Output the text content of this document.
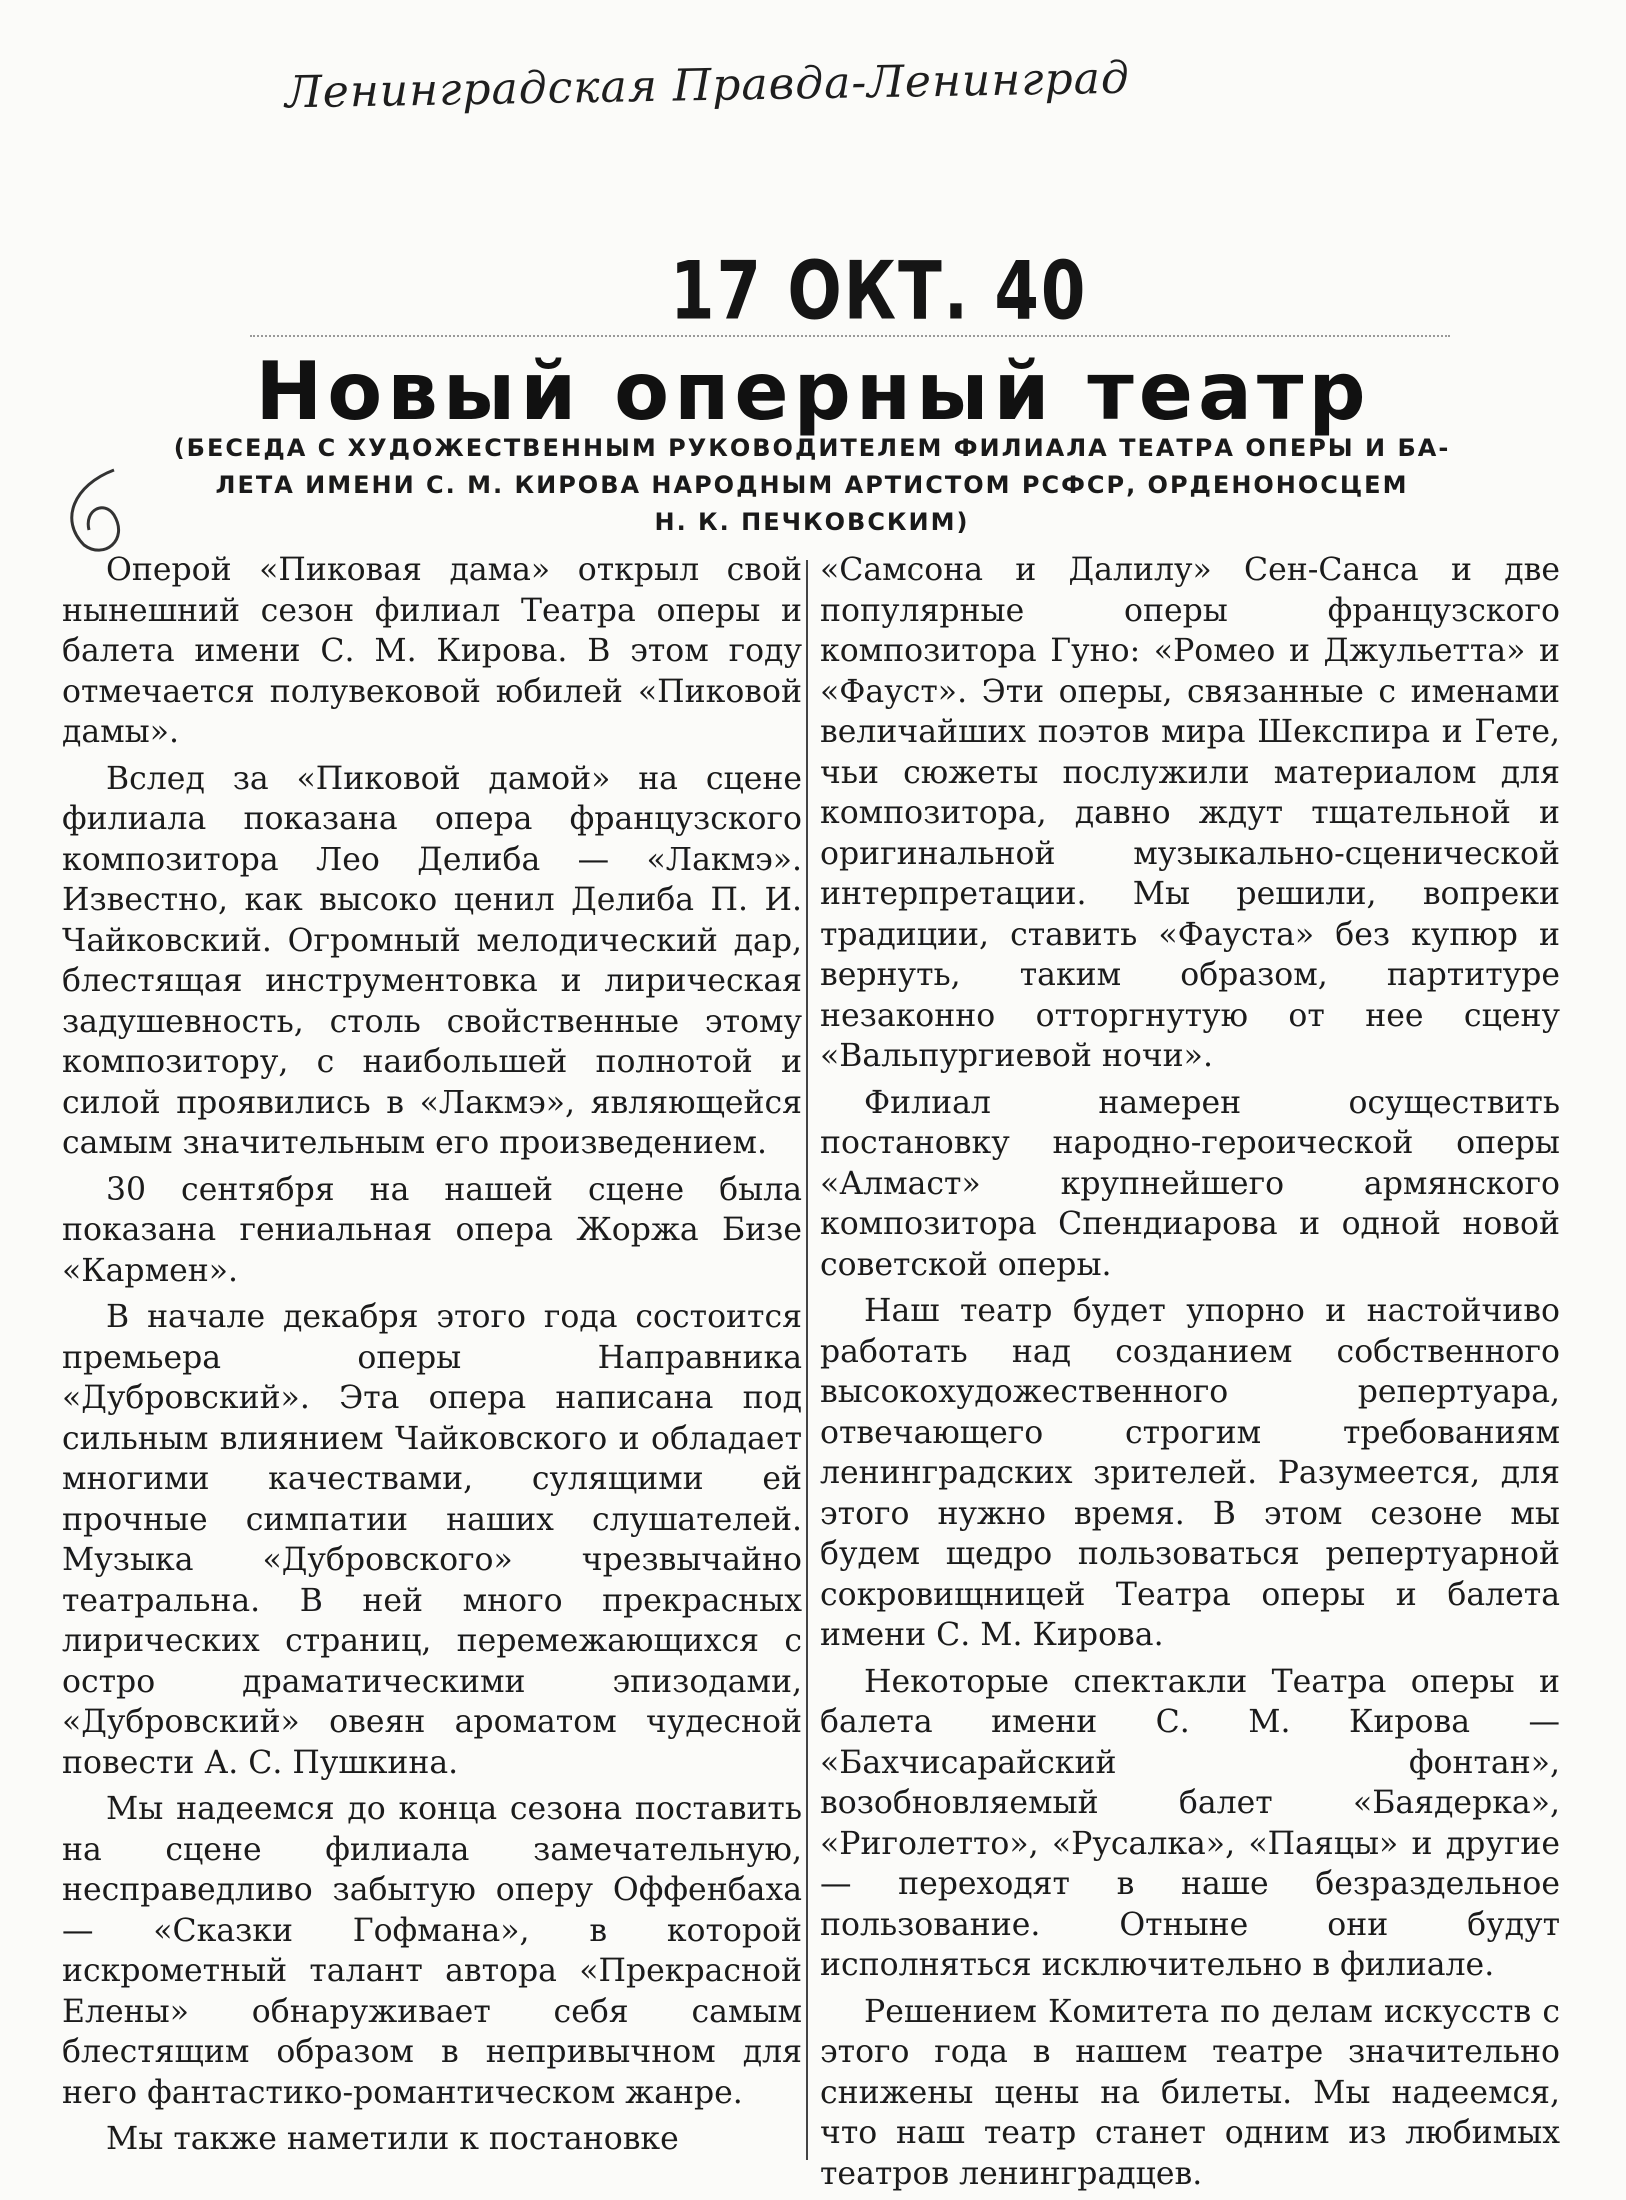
Ленинградская Правда-Ленинград
17 ОКТ. 40
Новый оперный театр
(БЕСЕДА С ХУДОЖЕСТВЕННЫМ РУКОВОДИТЕЛЕМ ФИЛИАЛА ТЕАТРА ОПЕРЫ И БА-
ЛЕТА ИМЕНИ С. М. КИРОВА НАРОДНЫМ АРТИСТОМ РСФСР, ОРДЕНОНОСЦЕМ
Н. К. ПЕЧКОВСКИМ)

Оперой «Пиковая дама» открыл свой нынешний сезон филиал Театра оперы и балета имени С. М. Кирова. В этом году отмечается полувековой юбилей «Пиковой дамы».

Вслед за «Пиковой дамой» на сцене филиала показана опера французского композитора Лео Делиба — «Лакмэ». Известно, как высоко ценил Делиба П. И. Чайковский. Огромный мелодический дар, блестящая инструментовка и лирическая задушевность, столь свойственные этому композитору, с наибольшей полнотой и силой проявились в «Лакмэ», являющейся самым значительным его произведением.

30 сентября на нашей сцене была показана гениальная опера Жоржа Бизе «Кармен».

В начале декабря этого года состоится премьера оперы Направника «Дубровский». Эта опера написана под сильным влиянием Чайковского и обладает многими качествами, сулящими ей прочные симпатии наших слушателей. Музыка «Дубровского» чрезвычайно театральна. В ней много прекрасных лирических страниц, перемежающихся с остро драматическими эпизодами, «Дубровский» овеян ароматом чудесной повести А. С. Пушкина.

Мы надеемся до конца сезона поставить на сцене филиала замечательную, несправедливо забытую оперу Оффенбаха — «Сказки Гофмана», в которой искрометный талант автора «Прекрасной Елены» обнаруживает себя самым блестящим образом в непривычном для него фантастико-романтическом жанре.

Мы также наметили к постановке

«Самсона и Далилу» Сен-Санса и две популярные оперы французского композитора Гуно: «Ромео и Джульетта» и «Фауст». Эти оперы, связанные с именами величайших поэтов мира Шекспира и Гете, чьи сюжеты послужили материалом для композитора, давно ждут тщательной и оригинальной музыкально-сценической интерпретации. Мы решили, вопреки традиции, ставить «Фауста» без купюр и вернуть, таким образом, партитуре незаконно отторгнутую от нее сцену «Вальпургиевой ночи».

Филиал намерен осуществить постановку народно-героической оперы «Алмаст» крупнейшего армянского композитора Спендиарова и одной новой советской оперы.

Наш театр будет упорно и настойчиво работать над созданием собственного высокохудожественного репертуара, отвечающего строгим требованиям ленинградских зрителей. Разумеется, для этого нужно время. В этом сезоне мы будем щедро пользоваться репертуарной сокровищницей Театра оперы и балета имени С. М. Кирова.

Некоторые спектакли Театра оперы и балета имени С. М. Кирова — «Бахчисарайский фонтан», возобновляемый балет «Баядерка», «Риголетто», «Русалка», «Паяцы» и другие — переходят в наше безраздельное пользование. Отныне они будут исполняться исключительно в филиале.

Решением Комитета по делам искусств с этого года в нашем театре значительно снижены цены на билеты. Мы надеемся, что наш театр станет одним из любимых театров ленинградцев.
